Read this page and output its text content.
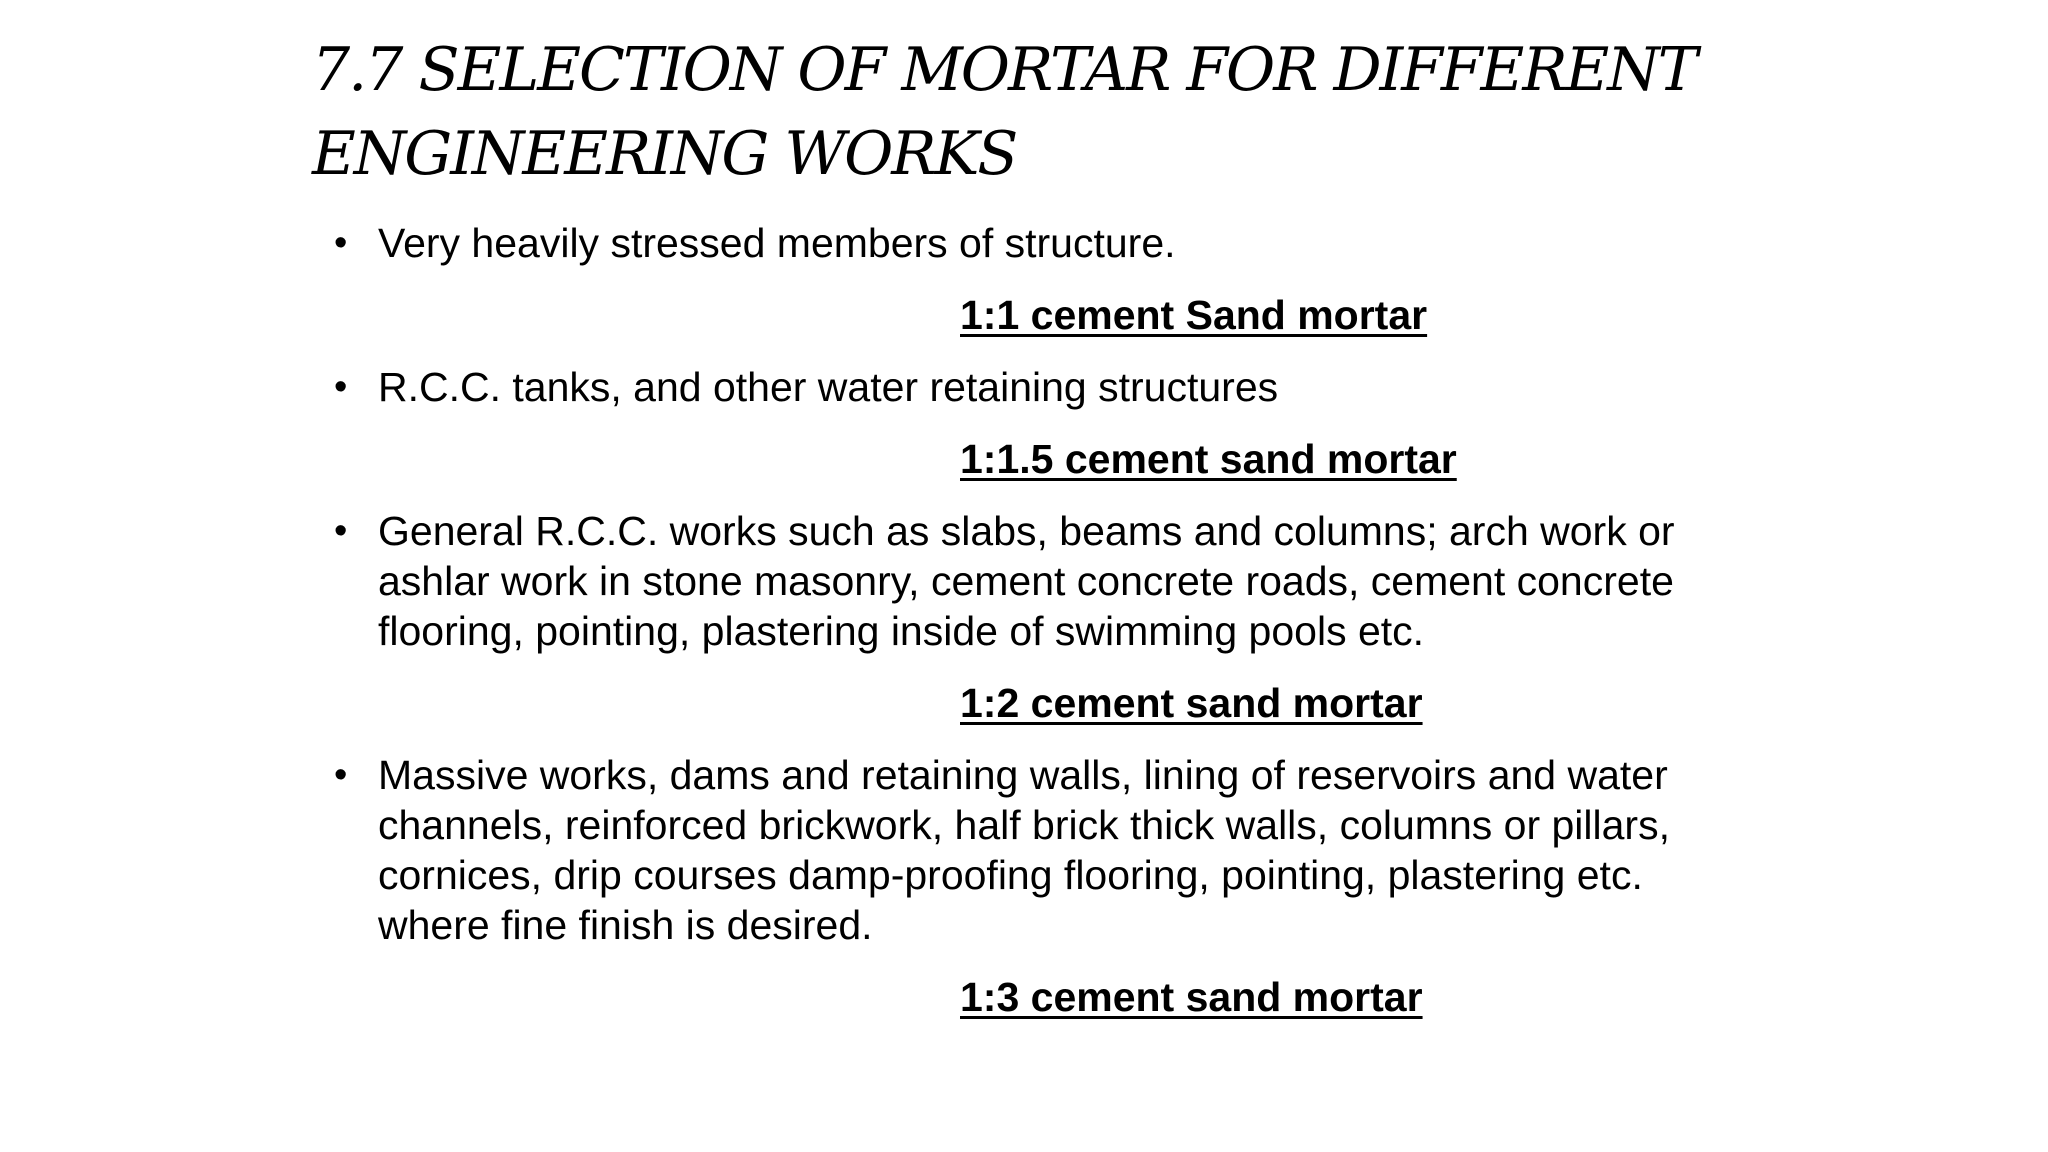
7.7 SELECTION OF MORTAR FOR DIFFERENT ENGINEERING WORKS
• Very heavily stressed members of structure.
1:1 cement Sand mortar
• R.C.C. tanks, and other water retaining structures
1:1.5 cement sand mortar
• General R.C.C. works such as slabs, beams and columns; arch work or ashlar work in stone masonry, cement concrete roads, cement concrete flooring, pointing, plastering inside of swimming pools etc.
1:2 cement sand mortar
• Massive works, dams and retaining walls, lining of reservoirs and water channels, reinforced brickwork, half brick thick walls, columns or pillars, cornices, drip courses damp-proofing flooring, pointing, plastering etc. where fine finish is desired.
1:3 cement sand mortar
